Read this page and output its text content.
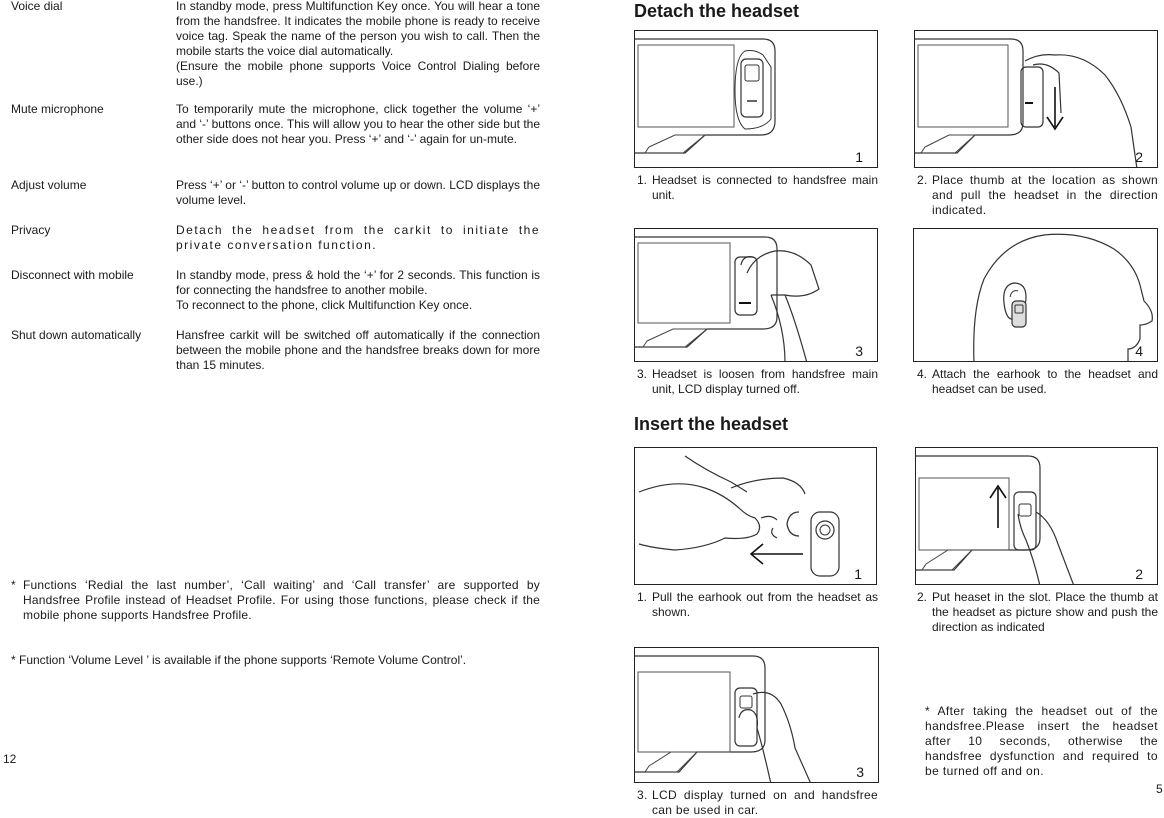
Voice dial	In standby mode, press Multifunction Key once. You will hear a tone from the handsfree. It indicates the mobile phone is ready to receive voice tag. Speak the name of the person you wish to call. Then the mobile starts the voice dial automatically.
(Ensure the mobile phone supports Voice Control Dialing before use.)
Mute microphone	To temporarily mute the microphone, click together the volume ‘+’ and ‘-’ buttons once. This will allow you to hear the other side but the other side does not hear you. Press ‘+’ and ‘-’ again for un-mute.
Adjust volume	Press ‘+’ or ‘-’ button to control volume up or down. LCD displays the volume level.
Privacy	Detach the headset from the carkit to initiate the private conversation function.
Disconnect with mobile	In standby mode, press & hold the ‘+’ for 2 seconds. This function is for connecting the handsfree to another mobile.
To reconnect to the phone, click Multifunction Key once.
Shut down automatically	Hansfree carkit will be switched off automatically if the connection between the mobile phone and the handsfree breaks down for more than 15 minutes.
* Functions ‘Redial the last number’, ‘Call waiting’ and ‘Call transfer’ are supported by Handsfree Profile instead of Headset Profile. For using those functions, please check if the mobile phone supports Handsfree Profile.
* Function ‘Volume Level ’ is available if the phone supports ‘Remote Volume Control’.
12
Detach the headset
1	2
1. Headset is connected to handsfree main unit.
2. Place thumb at the location as shown and pull the headset in the direction indicated.
3	4
3. Headset is loosen from handsfree main unit, LCD display turned off.
4. Attach the earhook to the headset and headset can be used.
Insert the headset
1	2
1. Pull the earhook out from the headset as shown.
2. Put heaset in the slot. Place the thumb at the headset as picture show and push the direction as indicated
3
* After taking the headset out of the handsfree.Please insert the headset after 10 seconds, otherwise the handsfree dysfunction and required to be turned off and on.
3. LCD display turned on and handsfree can be used in car.
5
